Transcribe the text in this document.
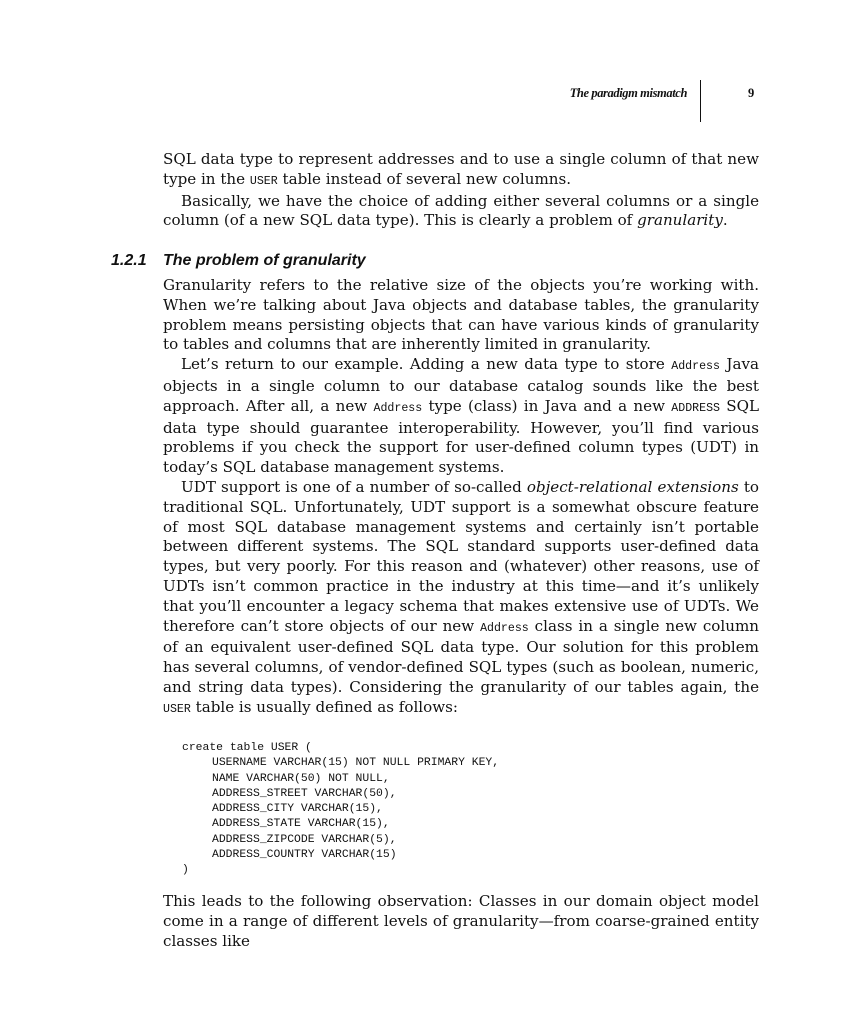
The paradigm mismatch	9

SQL data type to represent addresses and to use a single column of that new type in the USER table instead of several new columns.

Basically, we have the choice of adding either several columns or a single column (of a new SQL data type). This is clearly a problem of granularity.

1.2.1 The problem of granularity

Granularity refers to the relative size of the objects you’re working with. When we’re talking about Java objects and database tables, the granularity problem means persisting objects that can have various kinds of granularity to tables and columns that are inherently limited in granularity.

Let’s return to our example. Adding a new data type to store Address Java objects in a single column to our database catalog sounds like the best approach. After all, a new Address type (class) in Java and a new ADDRESS SQL data type should guarantee interoperability. However, you’ll find various problems if you check the support for user-defined column types (UDT) in today’s SQL database management systems.

UDT support is one of a number of so-called object-relational extensions to traditional SQL. Unfortunately, UDT support is a somewhat obscure feature of most SQL database management systems and certainly isn’t portable between different systems. The SQL standard supports user-defined data types, but very poorly. For this reason and (whatever) other reasons, use of UDTs isn’t common practice in the industry at this time—and it’s unlikely that you’ll encounter a legacy schema that makes extensive use of UDTs. We therefore can’t store objects of our new Address class in a single new column of an equivalent user-defined SQL data type. Our solution for this problem has several columns, of vendor-defined SQL types (such as boolean, numeric, and string data types). Considering the granularity of our tables again, the USER table is usually defined as follows:

create table USER (
USERNAME VARCHAR(15) NOT NULL PRIMARY KEY,
NAME VARCHAR(50) NOT NULL,
ADDRESS_STREET VARCHAR(50),
ADDRESS_CITY VARCHAR(15),
ADDRESS_STATE VARCHAR(15),
ADDRESS_ZIPCODE VARCHAR(5),
ADDRESS_COUNTRY VARCHAR(15)
)

This leads to the following observation: Classes in our domain object model come in a range of different levels of granularity—from coarse-grained entity classes like
